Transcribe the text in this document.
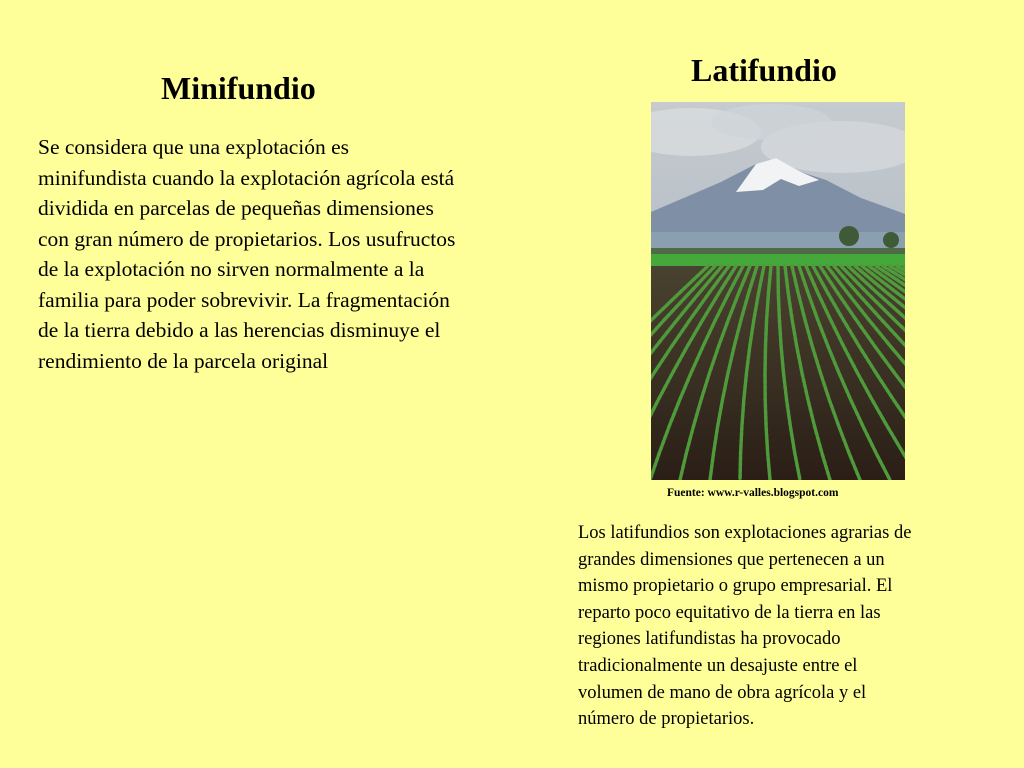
Minifundio
Se considera que una explotación es
minifundista cuando la explotación agrícola está
dividida en parcelas de pequeñas dimensiones
con gran número de propietarios. Los usufructos
de la explotación no sirven normalmente a la
familia para poder sobrevivir. La fragmentación
de la tierra debido a las herencias disminuye el
rendimiento de la parcela original
Latifundio

Fuente: www.r-valles.blogspot.com

Los latifundios son explotaciones agrarias de
grandes dimensiones que pertenecen a un
mismo propietario o grupo empresarial. El
reparto poco equitativo de la tierra en las
regiones latifundistas ha provocado
tradicionalmente un desajuste entre el
volumen de mano de obra agrícola y el
número de propietarios.
